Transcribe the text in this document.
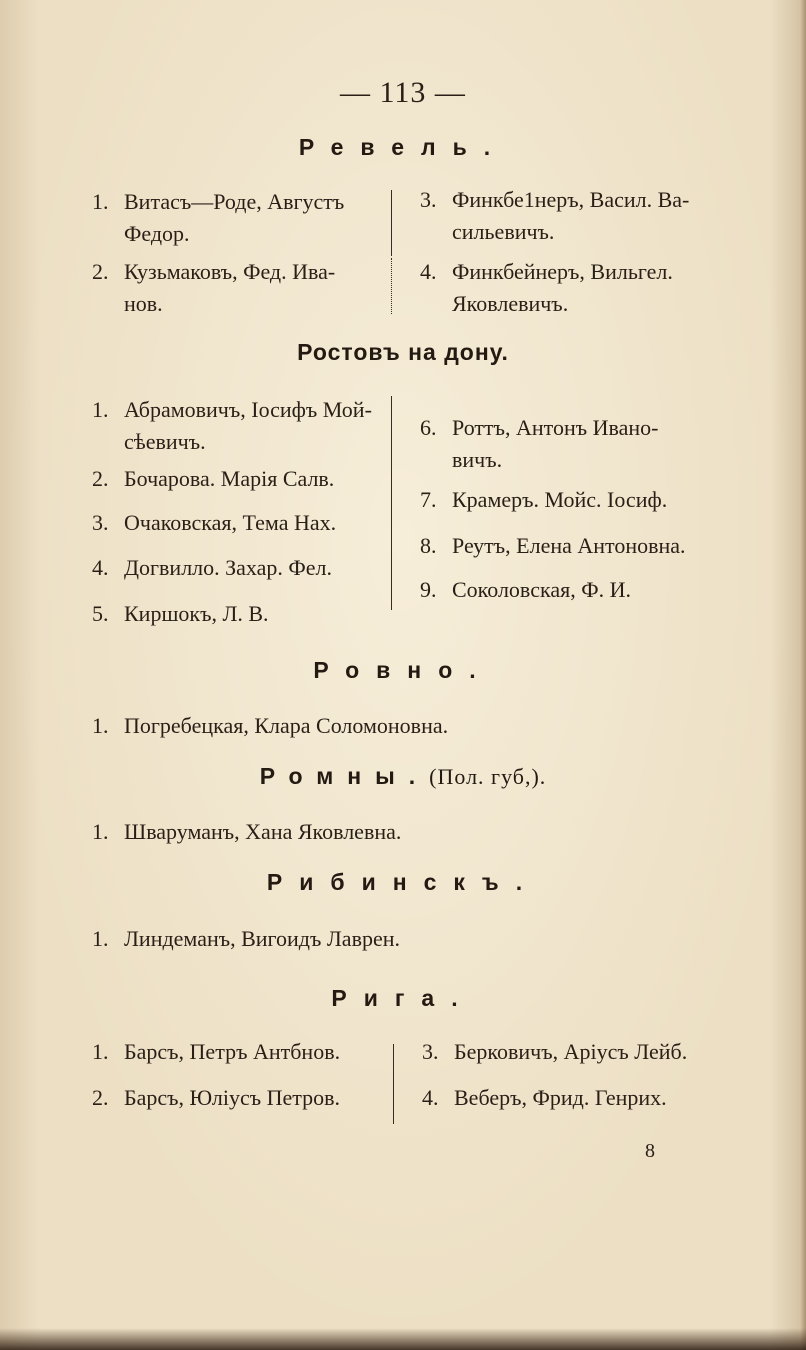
— 113 —
Ревель.
1. Витасъ—Роде, Августъ
Федор.
2. Кузьмаковъ, Фед. Ива-
нов.
3. Финкбе1неръ, Васил. Ва-
сильевичъ.
4. Финкбейнеръ, Вильгел.
Яковлевичъ.
Ростовъ на дону.
1. Абрамовичъ, Iосифъ Мой-
сѣевичъ.
2. Бочарова. Марiя Салв.
3. Очаковская, Тема Нах.
4. Догвилло. Захар. Фел.
5. Киршокъ, Л. В.
6. Роттъ, Антонъ Ивано-
вичъ.
7. Крамеръ. Мойс. Iосиф.
8. Реутъ, Елена Антоновна.
9. Соколовская, Ф. И.
Ровно.
1. Погребецкая, Клара Соломоновна.
Ромны.(Пол. губ,).
1. Шваруманъ, Хана Яковлевна.
Рибинскъ.
1. Линдеманъ, Вигоидъ Лаврен.
Рига.
1. Барсъ, Петръ Антбнов.
2. Барсъ, Юлiусъ Петров.
3. Берковичъ, Арiусъ Лейб.
4. Веберъ, Фрид. Генрих.
8
